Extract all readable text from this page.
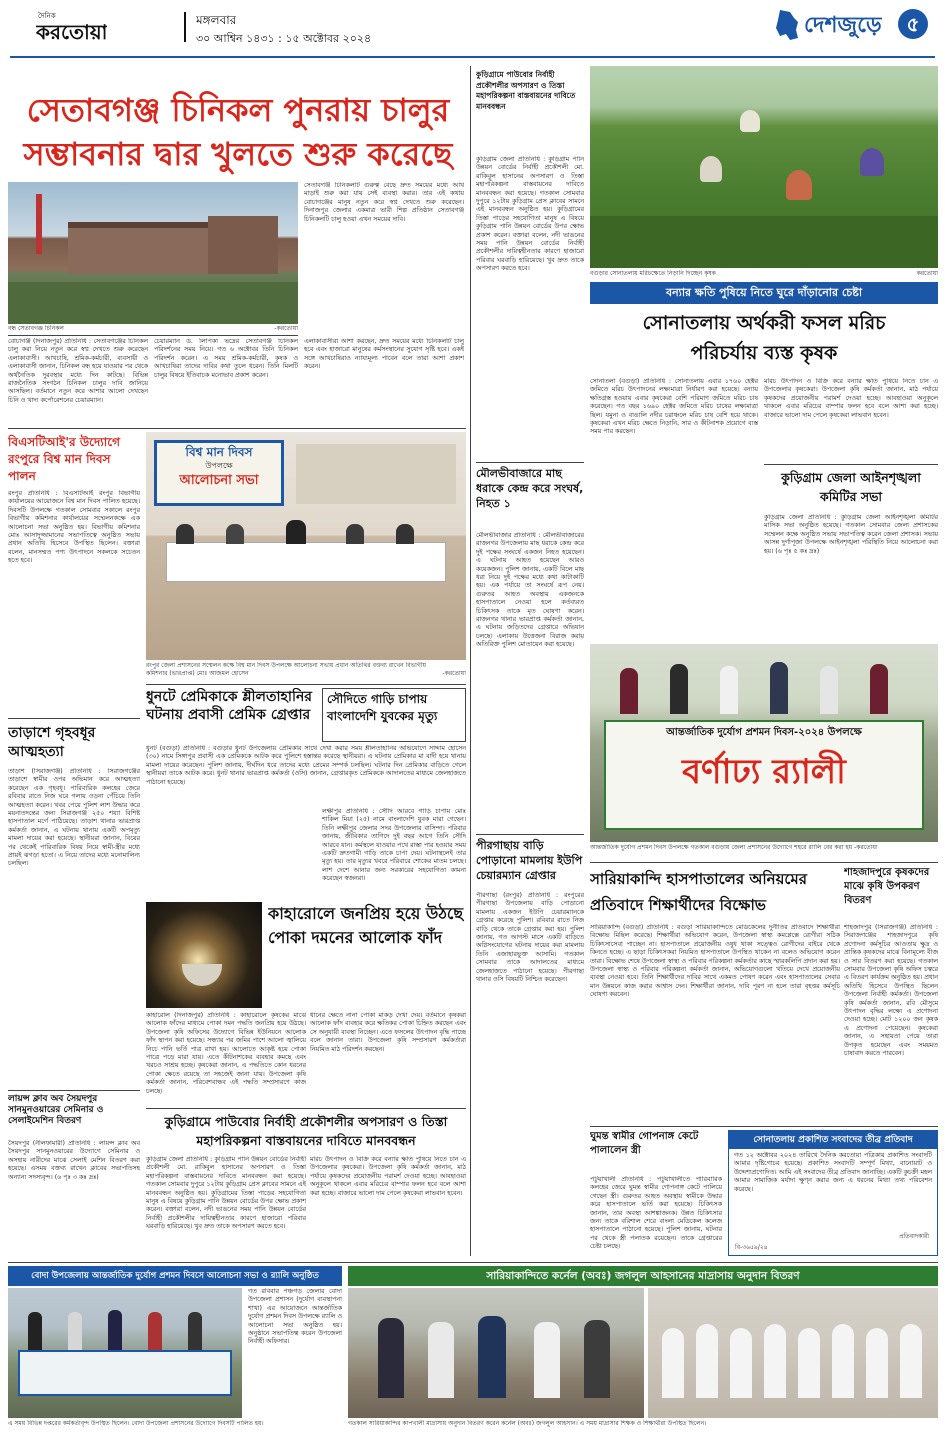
দৈনিক
করতোয়া	মঙ্গলবার
৩০ আশ্বিন ১৪৩১ : ১৫ অক্টোবর ২০২৪
দেশজুড়ে	৫
সেতাবগঞ্জ চিনিকল পুনরায় চালুর
সম্ভাবনার দ্বার খুলতে শুরু করেছে
বন্ধ সেতাবগঞ্জ চিনিকল	-করতোয়া
বোচাগঞ্জ (দিনাজপুর) প্রতিনিধি : সেতাবগঞ্জের চিনিকল চালু করা নিয়ে নতুন করে স্বপ্ন দেখতে শুরু করেছেন এলাকাবাসী। আখচাষি, শ্রমিক-কর্মচারী, ব্যবসায়ী ও এলাকাবাসী জানান, চিনিকল বন্ধ হয়ে যাওয়ার পর থেকে অর্থনৈতিক দুরবস্থার মধ্যে দিন কাটছে। বিভিন্ন রাজনৈতিক সংগঠন চিনিকল চালুর দাবি জানিয়ে আসছিল। বর্তমানে নতুন করে আশার আলো দেখছেন চিনি ও খাদ্য কর্পোরেশনের চেয়ারম্যান।
চেয়ারম্যান ড. লিপিকা ভদ্রের সেতাবগঞ্জ চিনিকল পরিদর্শনের সময় নিয়ে। গত ৬ অক্টোবর তিনি চিনিকল পরিদর্শন করেন। এ সময় শ্রমিক-কর্মচারী, কৃষক ও আখচাষিরা তাদের দাবির কথা তুলে ধরেন। তিনি মিলটি চালুর বিষয়ে ইতিবাচক মনোভাব প্রকাশ করেন।
সেতাবগঞ্জ চিনিকলটি গুরুত্ব বেছে দ্রুত সময়ের মধ্যে আখ মাড়াই শুরু করা যায় সেই ব্যবস্থা করার। তার এই কথায় বোচাগঞ্জের মানুষ নতুন করে স্বপ্ন দেখতে শুরু করেছেন। দিনাজপুর জেলার একমাত্র ভারী শিল্প প্রতিষ্ঠান সেতাবগঞ্জ চিনিকলটি চালু হওয়া এখন সময়ের দাবি।
এলাকাবাসীরা আশা করছেন, দ্রুত সময়ের মধ্যে চিনিকলটি চালু হবে এবং হাজারো মানুষের কর্মসংস্থানের সুযোগ সৃষ্টি হবে। একই সঙ্গে আখচাষিরাও ন্যায্যমূল্য পাবেন বলে তারা আশা প্রকাশ করেন।
বিএসটিআই'র উদ্যোগে রংপুরে বিশ্ব মান দিবস পালন
রংপুর প্রতিনিধি : বিএসটিআই রংপুর বিভাগীয় কার্যালয়ের আয়োজনে বিশ্ব মান দিবস পালিত হয়েছে। দিবসটি উপলক্ষে গতকাল সোমবার সকালে রংপুর বিভাগীয় কমিশনার কার্যালয়ের সম্মেলনকক্ষে এক আলোচনা সভা অনুষ্ঠিত হয়। বিভাগীয় কমিশনার মোঃ আসাদুজ্জামানের সভাপতিত্বে অনুষ্ঠিত সভায় প্রধান অতিথি হিসেবে উপস্থিত ছিলেন। বক্তারা বলেন, মানসম্মত পণ্য উৎপাদনে সকলকে সচেতন হতে হবে।
বিশ্ব মান দিবস
উপলক্ষে
আলোচনা সভা
রংপুর জেলা প্রশাসনের সম্মেলন কক্ষে বিশ্ব মান দিবস উপলক্ষে আলোচনা সভায় প্রধান অতিথির বক্তব্য রাখেন বিভাগীয় কমিশনার (ভারপ্রাপ্ত) মোঃ আজমল হোসেন	-করতোয়া
ধুনটে প্রেমিকাকে শ্লীলতাহানির ঘটনায় প্রবাসী প্রেমিক গ্রেপ্তার
ধুনট (বগুড়া) প্রতিনিধি : বগুড়ার ধুনট উপজেলায় প্রেমিকার সাথে দেখা করার সময় শ্লীলতাহানির অভিযোগে সাদ্দাম হোসেন (৩০) নামে সিঙ্গাপুর প্রবাসী এক প্রেমিককে আটক করে পুলিশে হস্তান্তর করেছে স্থানীয়রা। এ ঘটনায় প্রেমিকার মা বাদী হয়ে থানায় মামলা দায়ের করেছেন। পুলিশ জানায়, দীর্ঘদিন ধরে তাদের মধ্যে প্রেমের সম্পর্ক চলছিল। ঘটনার দিন প্রেমিকার বাড়িতে গেলে স্থানীয়রা তাকে আটক করে। ধুনট থানার ভারপ্রাপ্ত কর্মকর্তা (ওসি) জানান, গ্রেপ্তারকৃত প্রেমিককে আদালতের মাধ্যমে জেলহাজতে পাঠানো হয়েছে।
সৌদিতে গাড়ি চাপায় বাংলাদেশি যুবকের মৃত্যু
লক্ষীপুর প্রতিনিধি : সৌদি আরবে গাড়ি চাপায় মোঃ শাকিল মিয়া (২৫) নামে বাংলাদেশি যুবক মারা গেছেন। তিনি লক্ষীপুর জেলার সদর উপজেলার বাসিন্দা। পরিবার জানায়, জীবিকার তাগিদে দুই বছর আগে তিনি সৌদি আরবে যান। কর্মস্থলে যাওয়ার পথে রাস্তা পার হওয়ার সময় একটি দ্রুতগামী গাড়ি তাকে চাপা দেয়। ঘটনাস্থলেই তার মৃত্যু হয়। তার মৃত্যুর খবরে পরিবারে শোকের মাতম চলছে। লাশ দেশে আনার জন্য সরকারের সহযোগিতা কামনা করেছেন স্বজনরা।
তাড়াশে গৃহবধূর আত্মহত্যা
তাড়াশ (সিরাজগঞ্জ) প্রতিনিধি : সিরাজগঞ্জের তাড়াশে স্বামীর ওপর অভিমান করে আত্মহত্যা করেছেন এক গৃহবধূ। পারিবারিক কলহের জেরে রবিবার রাতে নিজ ঘরে গলায় ওড়না পেঁচিয়ে তিনি আত্মহত্যা করেন। খবর পেয়ে পুলিশ লাশ উদ্ধার করে ময়নাতদন্তের জন্য সিরাজগঞ্জ ২৫০ শয্যা বিশিষ্ট হাসপাতাল মর্গে পাঠিয়েছে। তাড়াশ থানার ভারপ্রাপ্ত কর্মকর্তা জানান, এ ঘটনায় থানায় একটি অপমৃত্যু মামলা দায়ের করা হয়েছে। স্থানীয়রা জানান, বিয়ের পর থেকেই পারিবারিক বিষয় নিয়ে স্বামী-স্ত্রীর মধ্যে প্রায়ই ঝগড়া হতো। এ নিয়ে তাদের মধ্যে মনোমালিন্য চলছিল।
লায়ন্স ক্লাব অব সৈয়দপুর সানমুনওয়ারের সেমিনার ও সেলাইমেশিন বিতরণ
সৈয়দপুর (নীলফামারী) প্রতিনিধি : লায়ন্স ক্লাব অব সৈয়দপুর সানমুনওয়ারের উদ্যোগে সেমিনার ও অসহায় নারীদের মাঝে সেলাই মেশিন বিতরণ করা হয়েছে। এসময় বক্তব্য রাখেন ক্লাবের সভাপতিসহ অন্যান্য সদস্যবৃন্দ। (৬ পৃঃ ৩ কঃ দ্রঃ)
কাহারোলে জনপ্রিয় হয়ে উঠছে পোকা দমনের আলোক ফাঁদ
কাহারোল (দিনাজপুর) প্রতিনিধি : কাহারোলে কৃষকের মাঝে আলোক ফাঁদের মাধ্যমে পোকা দমন পদ্ধতি জনপ্রিয় হয়ে উঠছে। উপজেলা কৃষি অফিসের উদ্যোগে বিভিন্ন ইউনিয়নে আলোক ফাঁদ স্থাপন করা হয়েছে। সন্ধ্যার পর জমির পাশে আলো জ্বালিয়ে নিচে পানি ভর্তি পাত্র রাখা হয়। আলোতে আকৃষ্ট হয়ে পোকা পাত্রে পড়ে মারা যায়। এতে কীটনাশকের ব্যবহার কমছে এবং খরচও সাশ্রয় হচ্ছে। কৃষকেরা জানান, এ পদ্ধতিতে কোন ধরনের পোকা ক্ষেতে রয়েছে তা সহজেই জানা যায়। উপজেলা কৃষি কর্মকর্তা জানান, পরিবেশবান্ধব এই পদ্ধতি সম্প্রসারণে কাজ চলছে।
ধানের ক্ষেতে নানা পোকা মাকড় দেখা দেয়। বর্তমানে কৃষকরা আলোক ফাঁদ ব্যবহার করে ক্ষতিকর পোকা চিহ্নিত করছেন এবং সে অনুযায়ী ব্যবস্থা নিচ্ছেন। এতে ফসলের উৎপাদন বৃদ্ধি পাচ্ছে বলে জানান তারা। উপজেলা কৃষি সম্প্রসারণ কর্মকর্তারা নিয়মিত মাঠ পরিদর্শন করছেন।
কুড়িগ্রামে পাউবোর নির্বাহী প্রকৌশলীর অপসারণ ও তিস্তা মহাপরিকল্পনা বাস্তবায়নের দাবিতে মানববন্ধন
কুড়িগ্রাম জেলা প্রতিনিধি : কুড়িগ্রাম পানি উন্নয়ন বোর্ডের নির্বাহী প্রকৌশলী মো. রাকিবুল হাসানের অপসারণ ও তিস্তা মহাপরিকল্পনা বাস্তবায়নের দাবিতে মানববন্ধন করা হয়েছে। গতকাল সোমবার দুপুরে ১২টায় কুড়িগ্রাম প্রেস ক্লাবের সামনে এই মানববন্ধন অনুষ্ঠিত হয়। কুড়িগ্রামের তিস্তা পাড়ের সহযোগিতা মানুষ এ বিষয়ে কুড়িগ্রাম পানি উন্নয়ন বোর্ডের উপর ক্ষোভ প্রকাশ করেন। বক্তারা বলেন, নদী ভাঙনের সময় পানি উন্নয়ন বোর্ডের নির্বাহী প্রকৌশলীর দায়িত্বহীনতার কারণে হাজারো পরিবার ঘরবাড়ি হারিয়েছে। খুব দ্রুত তাকে অপসারণ করতে হবে।
মরিচ উৎপাদন ও বিক্রি করে বন্যার ক্ষতি পুষিয়ে নিতে চান এ উপজেলার কৃষকেরা। উপজেলা কৃষি কর্মকর্তা জানান, মাঠ পর্যায়ে কৃষকদের প্রয়োজনীয় পরামর্শ দেওয়া হচ্ছে। আবহাওয়া অনুকূলে থাকলে এবার মরিচের বাম্পার ফলন হবে বলে আশা করা হচ্ছে। বাজারে ভালো দাম পেলে কৃষকেরা লাভবান হবেন।
কুড়িগ্রামে পাউবোর নির্বাহী প্রকৌশলীর অপসারণ ও তিস্তা মহাপরিকল্পনা বাস্তবায়নের দাবিতে মানববন্ধন
কুড়িগ্রাম জেলা প্রতিনিধি : কুড়িগ্রাম পানি উন্নয়ন বোর্ডের নির্বাহী প্রকৌশলী মো. রাকিবুল হাসানের অপসারণ ও তিস্তা মহাপরিকল্পনা বাস্তবায়নের দাবিতে মানববন্ধন করা হয়েছে। গতকাল সোমবার দুপুরে ১২টায় কুড়িগ্রাম প্রেস ক্লাবের সামনে এই মানববন্ধন অনুষ্ঠিত হয়। কুড়িগ্রামের তিস্তা পাড়ের সহযোগিতা মানুষ এ বিষয়ে কুড়িগ্রাম পানি উন্নয়ন বোর্ডের উপর ক্ষোভ প্রকাশ করেন। বক্তারা বলেন, নদী ভাঙনের সময় পানি উন্নয়ন বোর্ডের নির্বাহী প্রকৌশলীর দায়িত্বহীনতার কারণে হাজারো পরিবার ঘরবাড়ি হারিয়েছে। খুব দ্রুত তাকে অপসারণ করতে হবে।
মৌলভীবাজারে মাছ ধরাকে কেন্দ্র করে সংঘর্ষ, নিহত ১
মৌলভীবাজার প্রতিনিধি : মৌলভীবাজারের রাজনগর উপজেলায় মাছ ধরাকে কেন্দ্র করে দুই পক্ষের সংঘর্ষে একজন নিহত হয়েছেন। এ ঘটনায় আহত হয়েছেন আরও কয়েকজন। পুলিশ জানায়, একটি বিলে মাছ ধরা নিয়ে দুই পক্ষের মধ্যে কথা কাটাকাটি হয়। এক পর্যায়ে তা সংঘর্ষে রূপ নেয়। গুরুতর আহত অবস্থায় একজনকে হাসপাতালে নেওয়া হলে কর্তব্যরত চিকিৎসক তাকে মৃত ঘোষণা করেন। রাজনগর থানার ভারপ্রাপ্ত কর্মকর্তা জানান, এ ঘটনায় জড়িতদের গ্রেপ্তারে অভিযান চলছে। এলাকায় উত্তেজনা বিরাজ করায় অতিরিক্ত পুলিশ মোতায়েন করা হয়েছে।
পীরগাছায় বাড়ি পোড়ানো মামলায় ইউপি চেয়ারম্যান গ্রেপ্তার
পীরগাছা (রংপুর) প্রতিনিধি : রংপুরের পীরগাছা উপজেলায় বাড়ি পোড়ানো মামলায় একজন ইউপি চেয়ারম্যানকে গ্রেপ্তার করেছে পুলিশ। রবিবার রাতে নিজ বাড়ি থেকে তাকে গ্রেপ্তার করা হয়। পুলিশ জানায়, গত আগস্ট মাসে একটি বাড়িতে অগ্নিসংযোগের ঘটনায় দায়ের করা মামলায় তিনি এজাহারভুক্ত আসামি। গতকাল সোমবার তাকে আদালতের মাধ্যমে জেলহাজতে পাঠানো হয়েছে। পীরগাছা থানার ওসি বিষয়টি নিশ্চিত করেছেন।
বগুড়ার সোনাতলায় মরিচক্ষেতে নিড়ানি দিচ্ছেন কৃষক	করতোয়া
বন্যার ক্ষতি পুষিয়ে নিতে ঘুরে দাঁড়ানোর চেষ্টা
সোনাতলায় অর্থকরী ফসল মরিচ
পরিচর্যায় ব্যস্ত কৃষক
সোনাতলা (বগুড়া) প্রতিনিধি : সোনাতলায় এবার ১৭৬০ হেক্টর জমিতে মরিচ উৎপাদনের লক্ষ্যমাত্রা নির্ধারণ করা হয়েছে। বন্যায় ক্ষতিগ্রস্ত হওয়ায় এবার কৃষকেরা বেশি পরিমাণ জমিতে মরিচ চাষ করেছেন। গত বছর ১৬৯০ হেক্টর জমিতে মরিচ চাষের লক্ষ্যমাত্রা ছিল। যমুনা ও বাঙালি নদীর চরাঞ্চলে মরিচ চাষ বেশি হয়ে থাকে। কৃষকেরা এখন মরিচ ক্ষেতে নিড়ানি, সার ও কীটনাশক প্রয়োগে ব্যস্ত সময় পার করছেন।
মরিচ উৎপাদন ও বিক্রি করে বন্যার ক্ষতি পুষিয়ে নিতে চান এ উপজেলার কৃষকেরা। উপজেলা কৃষি কর্মকর্তা জানান, মাঠ পর্যায়ে কৃষকদের প্রয়োজনীয় পরামর্শ দেওয়া হচ্ছে। আবহাওয়া অনুকূলে থাকলে এবার মরিচের বাম্পার ফলন হবে বলে আশা করা হচ্ছে। বাজারে ভালো দাম পেলে কৃষকেরা লাভবান হবেন।
কুড়িগ্রাম জেলা আইনশৃঙ্খলা কমিটির সভা
কুড়িগ্রাম জেলা প্রতিনিধি : কুড়িগ্রাম জেলা আইনশৃঙ্খলা কমিটির মাসিক সভা অনুষ্ঠিত হয়েছে। গতকাল সোমবার জেলা প্রশাসকের সম্মেলন কক্ষে অনুষ্ঠিত সভায় সভাপতিত্ব করেন জেলা প্রশাসক। সভায় আসন্ন দুর্গাপূজা উপলক্ষে আইনশৃঙ্খলা পরিস্থিতি নিয়ে আলোচনা করা হয়। (৬ পৃঃ ৫ কঃ দ্রঃ)
আন্তর্জাতিক দুর্যোগ প্রশমন দিবস-২০২৪ উপলক্ষে
বর্ণাঢ্য র‍্যালী
আন্তর্জাতিক দুর্যোগ প্রশমন দিবস উপলক্ষে গতকাল বগুড়ায় জেলা প্রশাসনের উদ্যোগে শহরে র‍্যালি বের করা হয় -করতোয়া
সারিয়াকান্দি হাসপাতালের অনিয়মের প্রতিবাদে শিক্ষার্থীদের বিক্ষোভ
সারিয়াকান্দি (বগুড়া) প্রতিনিধি : বগুড়া সারিয়াকান্দিতে মেডিকেলের দুর্নীতির প্রতিবাদে শিক্ষার্থীরা বিক্ষোভ মিছিল করেছে। শিক্ষার্থীরা অভিযোগ করেন, উপজেলা স্বাস্থ্য কমপ্লেক্সে রোগীরা সঠিক চিকিৎসাসেবা পাচ্ছেন না। হাসপাতালে প্রয়োজনীয় ওষুধ থাকা সত্ত্বেও রোগীদের বাইরে থেকে কিনতে হচ্ছে। এ ছাড়া চিকিৎসকরা নিয়মিত হাসপাতালে উপস্থিত থাকেন না বলেও অভিযোগ করেন তারা। বিক্ষোভ শেষে উপজেলা স্বাস্থ্য ও পরিবার পরিকল্পনা কর্মকর্তার কাছে স্মারকলিপি প্রদান করা হয়। উপজেলা স্বাস্থ্য ও পরিবার পরিকল্পনা কর্মকর্তা জানান, অভিযোগগুলো খতিয়ে দেখে প্রয়োজনীয় ব্যবস্থা নেওয়া হবে। তিনি শিক্ষার্থীদের দাবির সাথে একমত পোষণ করেন এবং হাসপাতালের সেবার মান উন্নয়নে কাজ করার আশ্বাস দেন। শিক্ষার্থীরা জানান, দাবি পূরণ না হলে তারা বৃহত্তর কর্মসূচি ঘোষণা করবেন।
শাহজাদপুরে কৃষকদের মাঝে কৃষি উপকরণ বিতরণ
শাহজাদপুর (সিরাজগঞ্জ) প্রতিনিধি : সিরাজগঞ্জের শাহজাদপুরে কৃষি প্রণোদনা কর্মসূচির আওতায় ক্ষুদ্র ও প্রান্তিক কৃষকদের মাঝে বিনামূল্যে বীজ ও সার বিতরণ করা হয়েছে। গতকাল সোমবার উপজেলা কৃষি অফিস চত্বরে এ বিতরণ কার্যক্রম অনুষ্ঠিত হয়। প্রধান অতিথি হিসেবে উপস্থিত ছিলেন উপজেলা নির্বাহী কর্মকর্তা। উপজেলা কৃষি কর্মকর্তা জানান, রবি মৌসুমে উৎপাদন বৃদ্ধির লক্ষ্যে এ প্রণোদনা দেওয়া হচ্ছে। মোট ১২০০ জন কৃষক এ প্রণোদনা পেয়েছেন। কৃষকেরা জানান, এ সহায়তা পেয়ে তারা উপকৃত হয়েছেন এবং সময়মত চাষাবাদ করতে পারবেন।
ঘুমন্ত স্বামীর গোপনাঙ্গ কেটে পালালেন স্ত্রী
পটুয়াখালী প্রতিনিধি : পটুয়াখালীতে পারিবারিক কলহের জেরে ঘুমন্ত স্বামীর গোপনাঙ্গ কেটে পালিয়ে গেছেন স্ত্রী। গুরুতর আহত অবস্থায় স্বামীকে উদ্ধার করে হাসপাতালে ভর্তি করা হয়েছে। চিকিৎসক জানান, তার অবস্থা আশঙ্কাজনক। উন্নত চিকিৎসার জন্য তাকে বরিশাল শেরে বাংলা মেডিকেল কলেজ হাসপাতালে পাঠানো হয়েছে। পুলিশ জানায়, ঘটনার পর থেকে স্ত্রী পলাতক রয়েছেন। তাকে গ্রেপ্তারের চেষ্টা চলছে।
সোনাতলায় প্রকাশিত সংবাদের তীব্র প্রতিবাদ
গত ১২ অক্টোবর ২০২৪ তারিখে দৈনিক করতোয়া পত্রিকায় প্রকাশিত সংবাদটি আমার দৃষ্টিগোচর হয়েছে। প্রকাশিত সংবাদটি সম্পূর্ণ মিথ্যা, বানোয়াট ও উদ্দেশ্যপ্রণোদিত। আমি এই সংবাদের তীব্র প্রতিবাদ জানাচ্ছি। একটি কুচক্রী মহল আমার সামাজিক মর্যাদা ক্ষুণ্ন করার জন্য এ ধরনের মিথ্যা তথ্য পরিবেশন করেছে।
প্রতিবাদকারী
বি-৩৬৫৯/২৪
বোদা উপজেলায় আন্তর্জাতিক দুর্যোগ প্রশমন দিবসে আলোচনা সভা ও র‍্যালি অনুষ্ঠিত
গত রবিবার পঞ্চগড় জেলার বোদা উপজেলা প্রশাসন (দুর্যোগ ব্যবস্থাপনা শাখা) এর আয়োজনে আন্তর্জাতিক দুর্যোগ প্রশমন দিবস উপলক্ষে র‍্যালি ও আলোচনা সভা অনুষ্ঠিত হয়। অনুষ্ঠানে সভাপতিত্ব করেন উপজেলা নির্বাহী অফিসার।
এ সময় বিভিন্ন দপ্তরের কর্মকর্তাবৃন্দ উপস্থিত ছিলেন। বোদা উপজেলা প্রশাসনের উদ্যোগে দিবসটি পালিত হয়।
সারিয়াকান্দিতে কর্নেল (অবঃ) জগলুল আহসানের মাদ্রাসায় অনুদান বিতরণ
গতকাল সারিয়াকান্দির কাপখালী মাদ্রাসায় অনুদান বিতরণ করেন কর্নেল (অবঃ) জগলুল আহসান। এ সময় মাদ্রাসার শিক্ষক ও শিক্ষার্থীরা উপস্থিত ছিলেন।
